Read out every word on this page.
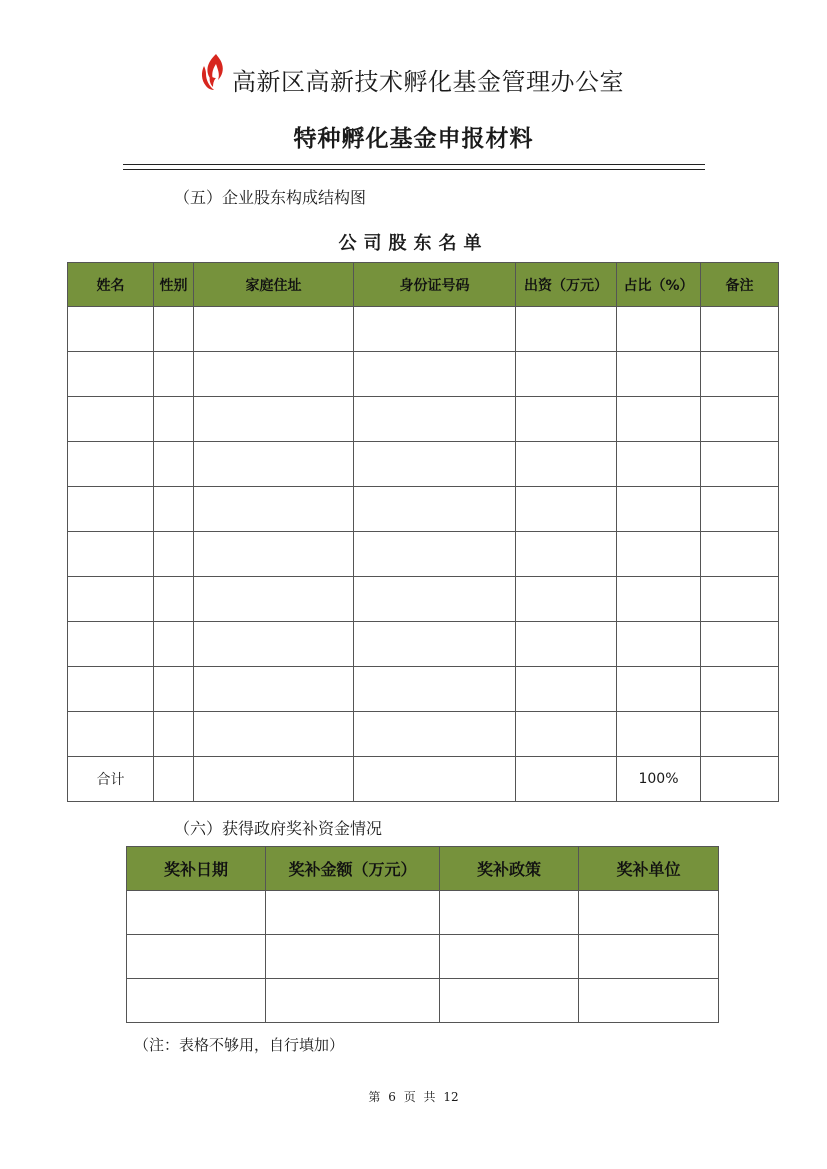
高新区高新技术孵化基金管理办公室
特种孵化基金申报材料
（五）企业股东构成结构图
公司股东名单
姓名	性别	家庭住址	身份证号码	出资（万元）	占比（%）	备注

合计					100%	
（六）获得政府奖补资金情况
奖补日期	奖补金额（万元）	奖补政策	奖补单位

（注：表格不够用，自行填加）
第 6 页 共 12
